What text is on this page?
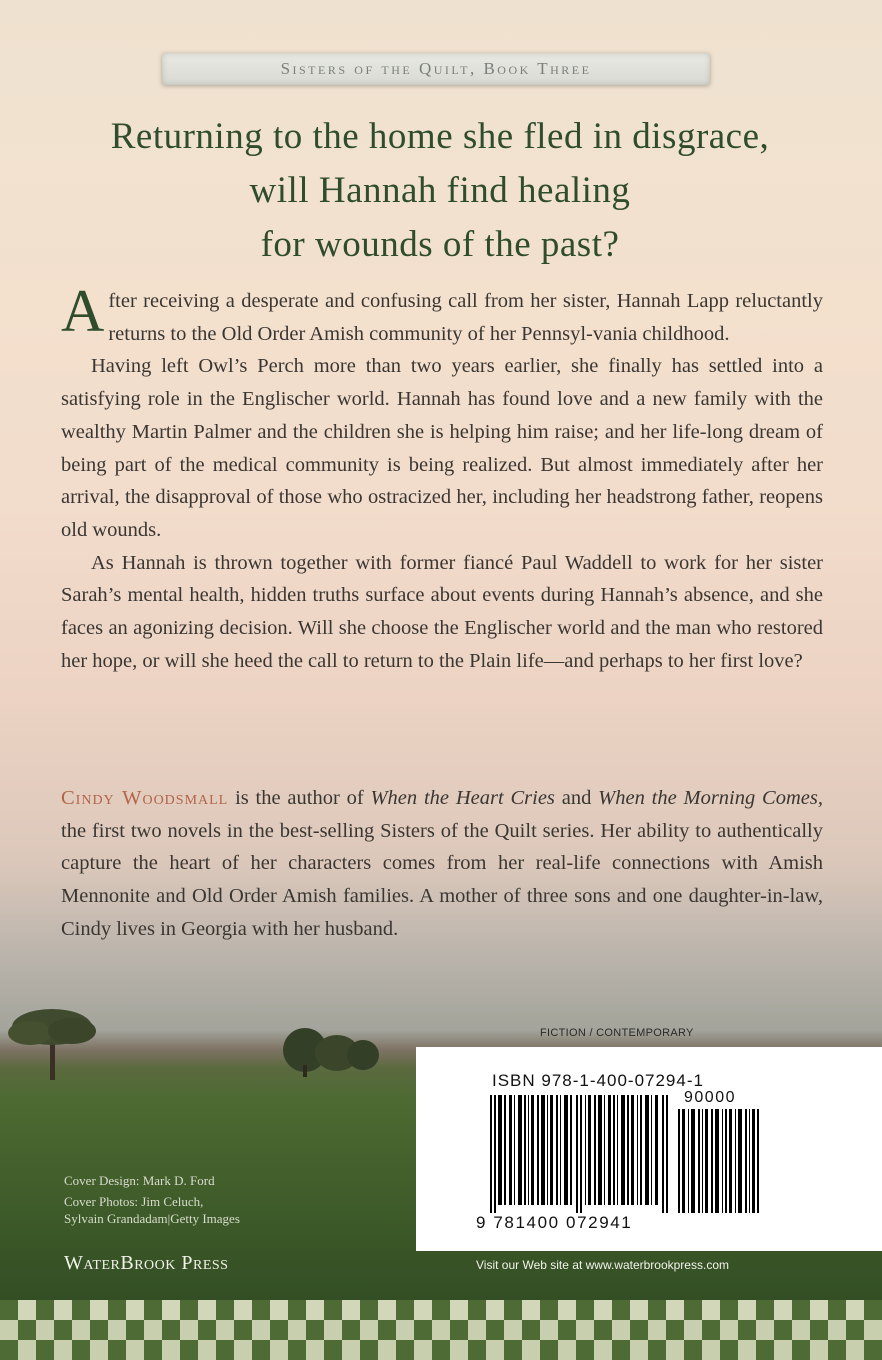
Sisters of the Quilt, Book Three
Returning to the home she fled in disgrace,
will Hannah find healing
for wounds of the past?

After receiving a desperate and confusing call from her sister, Hannah Lapp reluctantly returns to the Old Order Amish community of her Pennsyl-vania childhood.

Having left Owl’s Perch more than two years earlier, she finally has settled into a satisfying role in the Englischer world. Hannah has found love and a new family with the wealthy Martin Palmer and the children she is helping him raise; and her life-long dream of being part of the medical community is being realized. But almost immediately after her arrival, the disapproval of those who ostracized her, including her headstrong father, reopens old wounds.

As Hannah is thrown together with former fiancé Paul Waddell to work for her sister Sarah’s mental health, hidden truths surface about events during Hannah’s absence, and she faces an agonizing decision. Will she choose the Englischer world and the man who restored her hope, or will she heed the call to return to the Plain life—and perhaps to her first love?

Cindy Woodsmall is the author of When the Heart Cries and When the Morning Comes, the first two novels in the best-selling Sisters of the Quilt series. Her ability to authentically capture the heart of her characters comes from her real-life connections with Amish Mennonite and Old Order Amish families. A mother of three sons and one daughter-in-law, Cindy lives in Georgia with her husband.

Cover Design: Mark D. Ford
Cover Photos: Jim Celuch,
Sylvain Grandadam|Getty Images
WaterBrook Press
FICTION / CONTEMPORARY
ISBN 978-1-400-07294-1
90000
9 781400 072941
Visit our Web site at www.waterbrookpress.com
